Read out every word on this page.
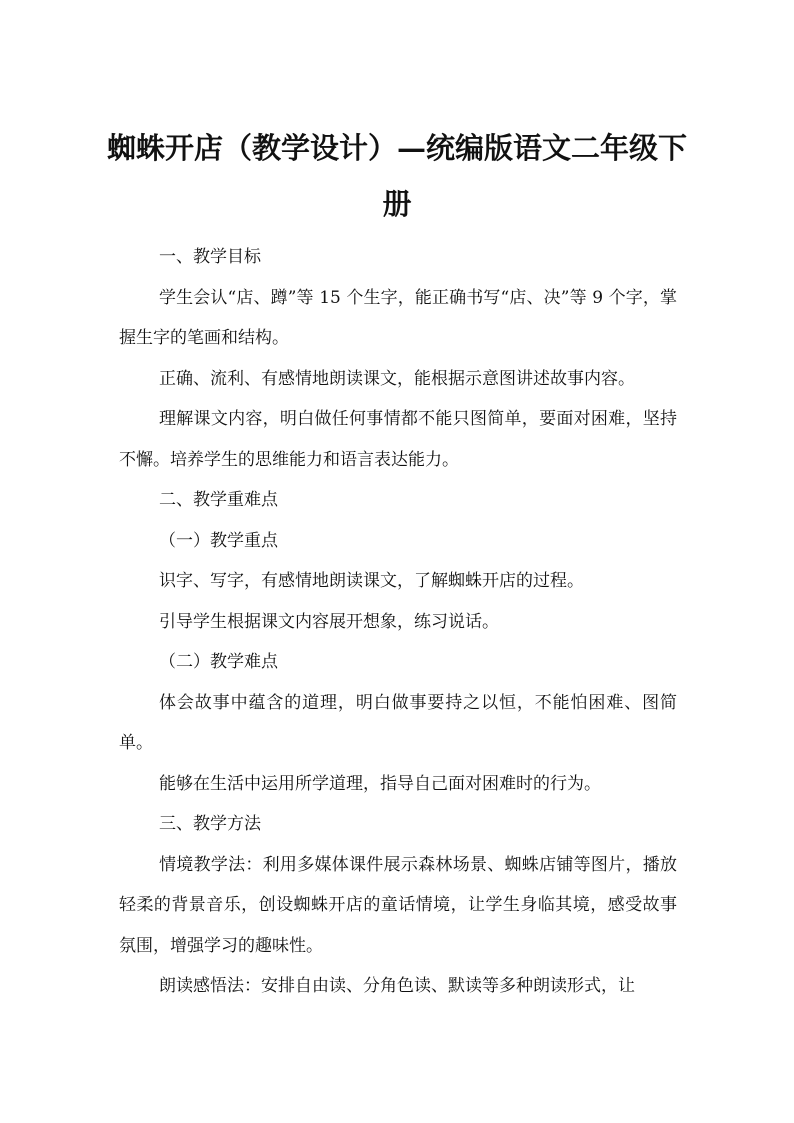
蜘蛛开店（教学设计）—统编版语文二年级下册

一、教学目标

学生会认“店、蹲”等 15 个生字，能正确书写“店、决”等 9 个字，掌握生字的笔画和结构。

正确、流利、有感情地朗读课文，能根据示意图讲述故事内容。

理解课文内容，明白做任何事情都不能只图简单，要面对困难，坚持不懈。培养学生的思维能力和语言表达能力。

二、教学重难点

（一）教学重点

识字、写字，有感情地朗读课文，了解蜘蛛开店的过程。

引导学生根据课文内容展开想象，练习说话。

（二）教学难点

体会故事中蕴含的道理，明白做事要持之以恒，不能怕困难、图简单。

能够在生活中运用所学道理，指导自己面对困难时的行为。

三、教学方法

情境教学法：利用多媒体课件展示森林场景、蜘蛛店铺等图片，播放轻柔的背景音乐，创设蜘蛛开店的童话情境，让学生身临其境，感受故事氛围，增强学习的趣味性。

朗读感悟法：安排自由读、分角色读、默读等多种朗读形式，让
